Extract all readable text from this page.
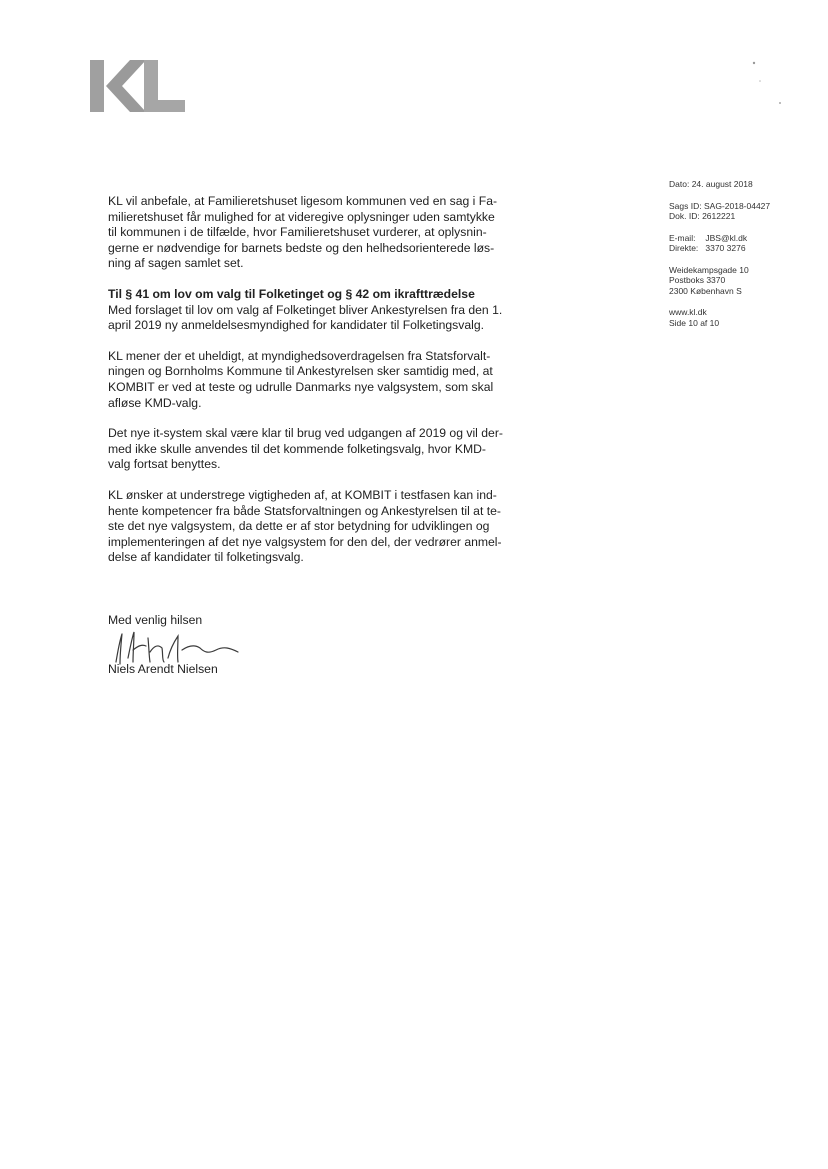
Dato: 24. august 2018
Sags ID: SAG-2018-04427
Dok. ID: 2612221
E-mail: JBS@kl.dk
Direkte: 3370 3276
Weidekampsgade 10
Postboks 3370
2300 København S
www.kl.dk
Side 10 af 10

KL vil anbefale, at Familieretshuset ligesom kommunen ved en sag i Fa-
milieretshuset får mulighed for at videregive oplysninger uden samtykke
til kommunen i de tilfælde, hvor Familieretshuset vurderer, at oplysnin-
gerne er nødvendige for barnets bedste og den helhedsorienterede løs-
ning af sagen samlet set.

Til § 41 om lov om valg til Folketinget og § 42 om ikrafttrædelse

Med forslaget til lov om valg af Folketinget bliver Ankestyrelsen fra den 1.
april 2019 ny anmeldelsesmyndighed for kandidater til Folketingsvalg.

KL mener der et uheldigt, at myndighedsoverdragelsen fra Statsforvalt-
ningen og Bornholms Kommune til Ankestyrelsen sker samtidig med, at
KOMBIT er ved at teste og udrulle Danmarks nye valgsystem, som skal
afløse KMD-valg.

Det nye it-system skal være klar til brug ved udgangen af 2019 og vil der-
med ikke skulle anvendes til det kommende folketingsvalg, hvor KMD-
valg fortsat benyttes.

KL ønsker at understrege vigtigheden af, at KOMBIT i testfasen kan ind-
hente kompetencer fra både Statsforvaltningen og Ankestyrelsen til at te-
ste det nye valgsystem, da dette er af stor betydning for udviklingen og
implementeringen af det nye valgsystem for den del, der vedrører anmel-
delse af kandidater til folketingsvalg.

Med venlig hilsen
Niels Arendt Nielsen
